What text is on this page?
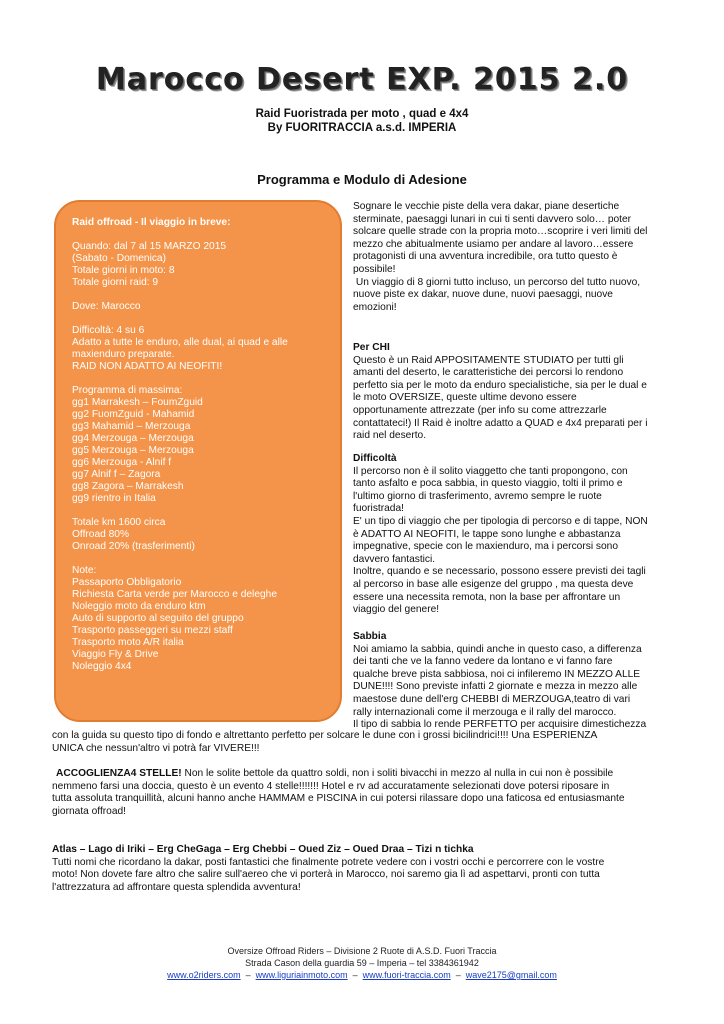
Marocco Desert EXP. 2015 2.0
Raid Fuoristrada per moto , quad e 4x4
By FUORITRACCIA a.s.d. IMPERIA
Programma e Modulo di Adesione
Raid offroad - Il viaggio in breve:
Quando: dal 7 al 15 MARZO 2015
(Sabato - Domenica)
Totale giorni in moto: 8
Totale giorni raid: 9
Dove: Marocco
Difficoltà: 4 su 6
Adatto a tutte le enduro, alle dual, ai quad e alle
maxienduro preparate.
RAID NON ADATTO AI NEOFITI!
Programma di massima:
gg1 Marrakesh – FoumZguid
gg2 FuomZguid - Mahamid
gg3 Mahamid – Merzouga
gg4 Merzouga – Merzouga
gg5 Merzouga – Merzouga
gg6 Merzouga - Alnif f
gg7 Alnif f – Zagora
gg8 Zagora – Marrakesh
gg9 rientro in Italia
Totale km 1600 circa
Offroad 80%
Onroad 20% (trasferimenti)
Note:
Passaporto Obbligatorio
Richiesta Carta verde per Marocco e deleghe
Noleggio moto da enduro ktm
Auto di supporto al seguito del gruppo
Trasporto passeggeri su mezzi staff
Trasporto moto A/R italia
Viaggio Fly & Drive
Noleggio 4x4
Sognare le vecchie piste della vera dakar, piane desertiche
sterminate, paesaggi lunari in cui ti senti davvero solo… poter
solcare quelle strade con la propria moto…scoprire i veri limiti del
mezzo che abitualmente usiamo per andare al lavoro…essere
protagonisti di una avventura incredibile, ora tutto questo è
possibile!
Un viaggio di 8 giorni tutto incluso, un percorso del tutto nuovo,
nuove piste ex dakar, nuove dune, nuovi paesaggi, nuove
emozioni!
Per CHI
Questo è un Raid APPOSITAMENTE STUDIATO per tutti gli
amanti del deserto, le caratteristiche dei percorsi lo rendono
perfetto sia per le moto da enduro specialistiche, sia per le dual e
le moto OVERSIZE, queste ultime devono essere
opportunamente attrezzate (per info su come attrezzarle
contattateci!) Il Raid è inoltre adatto a QUAD e 4x4 preparati per i
raid nel deserto.
Difficoltà
Il percorso non è il solito viaggetto che tanti propongono, con
tanto asfalto e poca sabbia, in questo viaggio, tolti il primo e
l'ultimo giorno di trasferimento, avremo sempre le ruote
fuoristrada!
E' un tipo di viaggio che per tipologia di percorso e di tappe, NON
è ADATTO AI NEOFITI, le tappe sono lunghe e abbastanza
impegnative, specie con le maxienduro, ma i percorsi sono
davvero fantastici.
Inoltre, quando e se necessario, possono essere previsti dei tagli
al percorso in base alle esigenze del gruppo , ma questa deve
essere una necessita remota, non la base per affrontare un
viaggio del genere!
Sabbia
Noi amiamo la sabbia, quindi anche in questo caso, a differenza
dei tanti che ve la fanno vedere da lontano e vi fanno fare
qualche breve pista sabbiosa, noi ci infileremo IN MEZZO ALLE
DUNE!!!! Sono previste infatti 2 giornate e mezza in mezzo alle
maestose dune dell'erg CHEBBI di MERZOUGA,teatro di vari
rally internazionali come il merzouga e il rally del marocco.
Il tipo di sabbia lo rende PERFETTO per acquisire dimestichezza
con la guida su questo tipo di fondo e altrettanto perfetto per solcare le dune con i grossi bicilindrici!!!! Una ESPERIENZA
UNICA che nessun'altro vi potrà far VIVERE!!!
ACCOGLIENZA4 STELLE! Non le solite bettole da quattro soldi, non i soliti bivacchi in mezzo al nulla in cui non è possibile
nemmeno farsi una doccia, questo è un evento 4 stelle!!!!!!! Hotel e rv ad accuratamente selezionati dove potersi riposare in
tutta assoluta tranquillità, alcuni hanno anche HAMMAM e PISCINA in cui potersi rilassare dopo una faticosa ed entusiasmante
giornata offroad!
Atlas – Lago di Iriki – Erg CheGaga – Erg Chebbi – Oued Ziz – Oued Draa – Tizi n tichka
Tutti nomi che ricordano la dakar, posti fantastici che finalmente potrete vedere con i vostri occhi e percorrere con le vostre
moto! Non dovete fare altro che salire sull'aereo che vi porterà in Marocco, noi saremo gia lì ad aspettarvi, pronti con tutta
l'attrezzatura ad affrontare questa splendida avventura!
Oversize Offroad Riders – Divisione 2 Ruote di A.S.D. Fuori Traccia
Strada Cason della guardia 59 – Imperia – tel 3384361942
www.o2riders.com  –  www.liguriainmoto.com  –  www.fuori-traccia.com  –  wave2175@gmail.com
